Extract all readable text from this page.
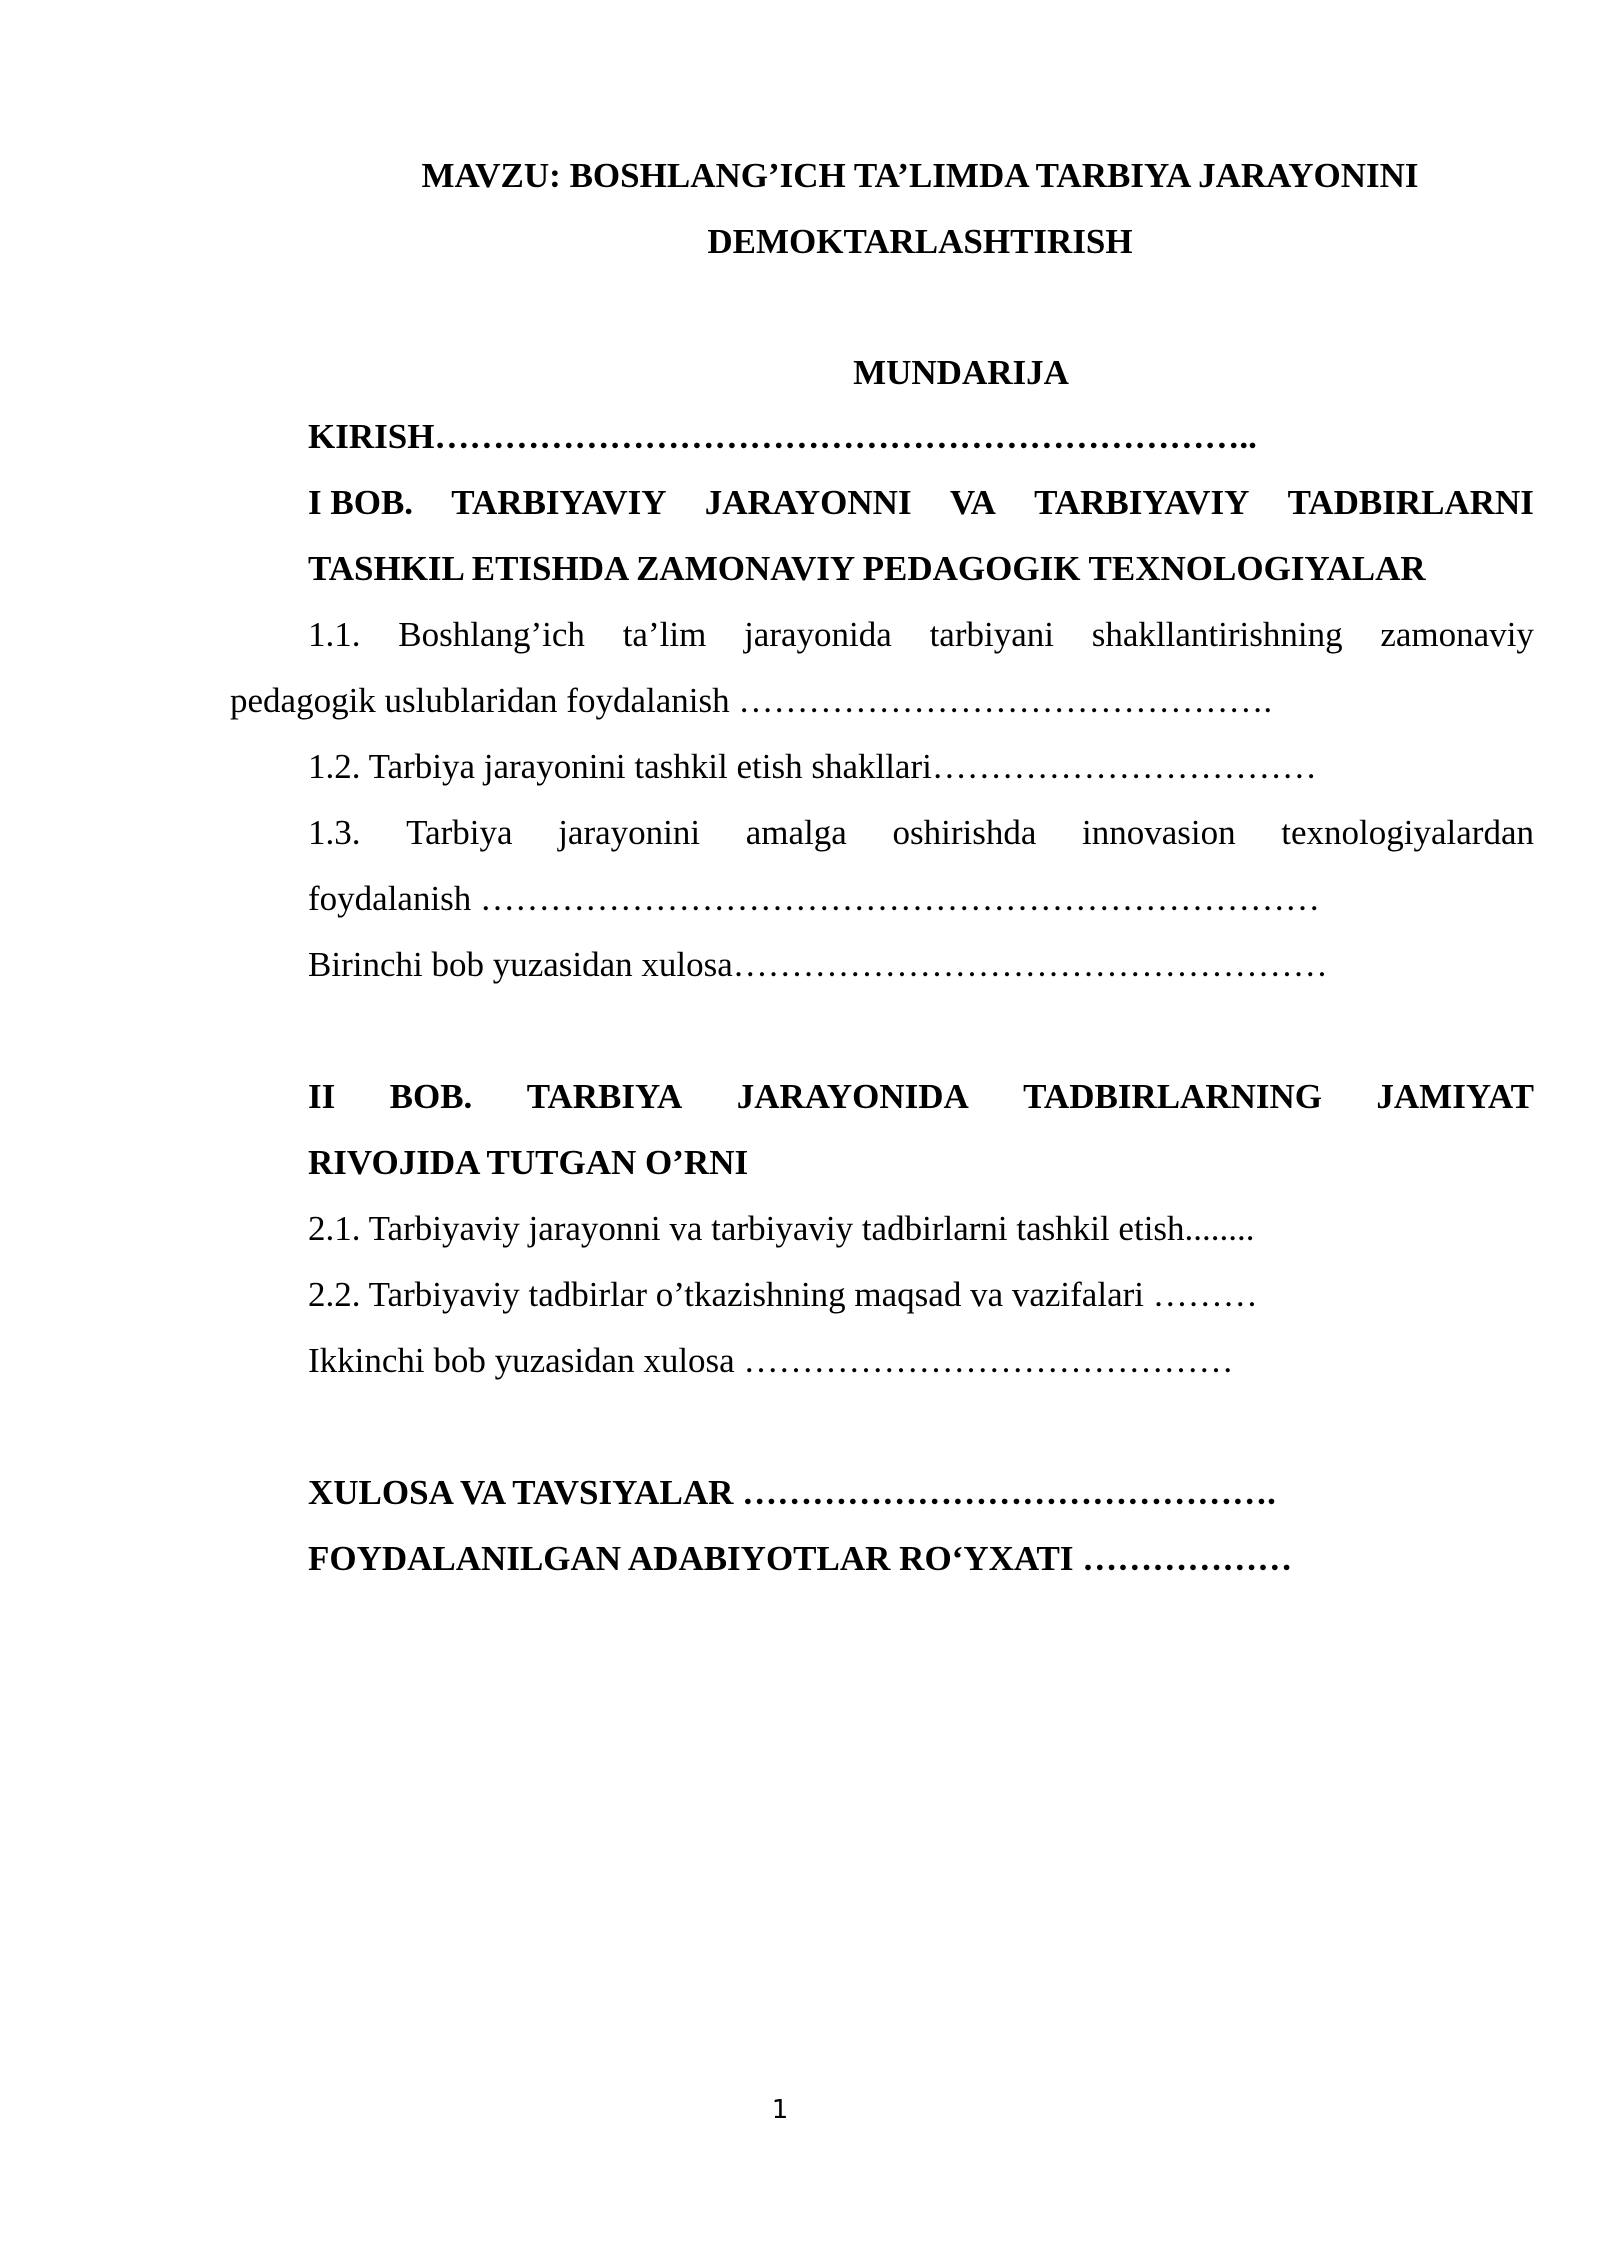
MAVZU: BOSHLANG’ICH TA’LIMDA TARBIYA JARAYONINI
DEMOKTARLASHTIRISH
MUNDARIJA
KIRISH……………………………………………………………..
I BOB. TARBIYAVIY JARAYONNI VA TARBIYAVIY TADBIRLARNI
TASHKIL ETISHDA ZAMONAVIY PEDAGOGIK TEXNOLOGIYALAR
1.1. Boshlang’ich ta’lim jarayonida tarbiyani shakllantirishning zamonaviy
pedagogik uslublaridan foydalanish ……………………………………….
1.2. Tarbiya jarayonini tashkil etish shakllari……………………………
1.3. Tarbiya jarayonini amalga oshirishda innovasion texnologiyalardan
foydalanish ………………………………………………………………
Birinchi bob yuzasidan xulosa……………………………………………
II BOB. TARBIYA JARAYONIDA TADBIRLARNING JAMIYAT
RIVOJIDA TUTGAN O’RNI
2.1. Tarbiyaviy jarayonni va tarbiyaviy tadbirlarni tashkil etish........
2.2. Tarbiyaviy tadbirlar o’tkazishning maqsad va vazifalari ………
Ikkinchi bob yuzasidan xulosa ……………………………………
XULOSA VA TAVSIYALAR ……………………………………….
FOYDALANILGAN ADABIYOTLAR RO‘YXATI ………………
1
